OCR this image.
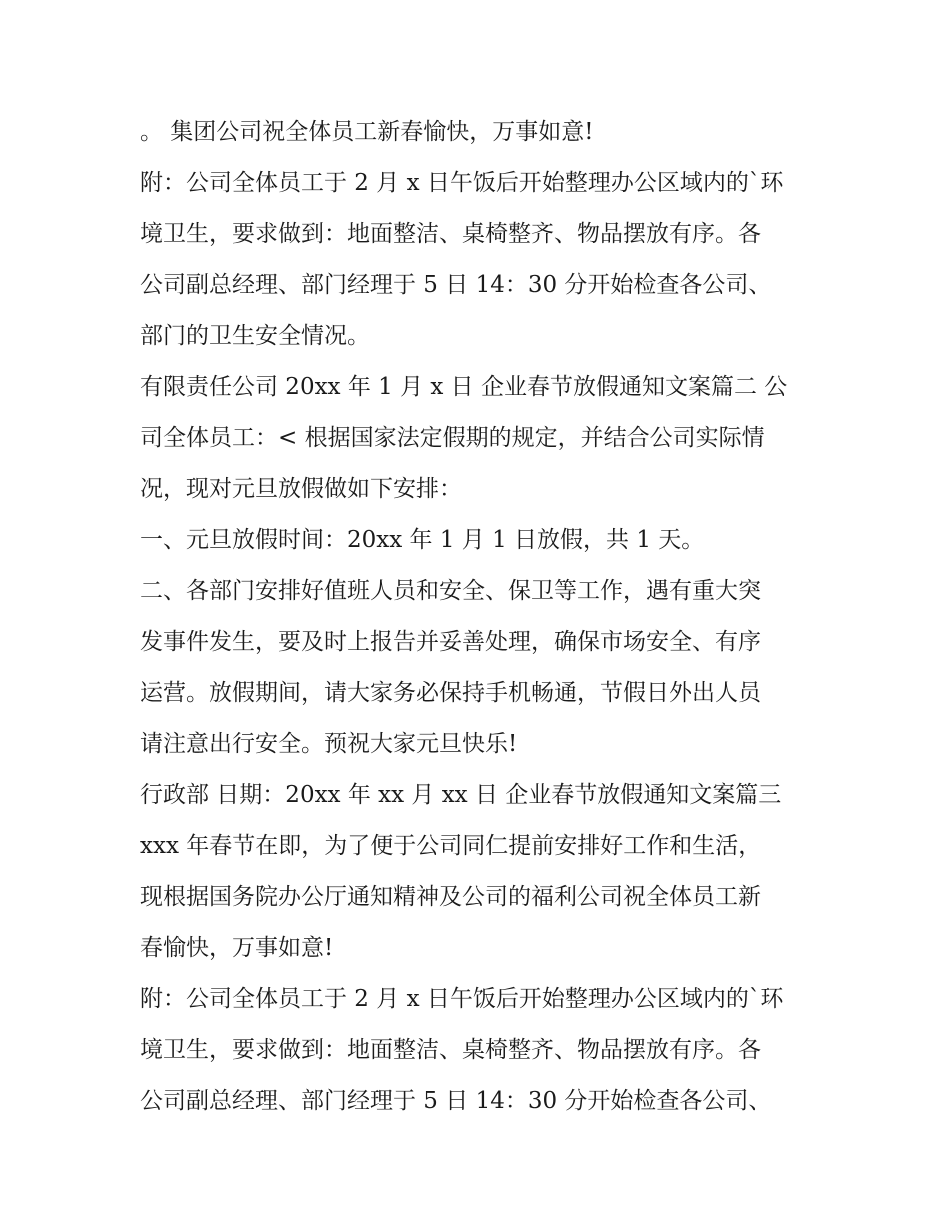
。 集团公司祝全体员工新春愉快，万事如意!
附：公司全体员工于 2 月 x 日午饭后开始整理办公区域内的`环
境卫生，要求做到：地面整洁、桌椅整齐、物品摆放有序。各
公司副总经理、部门经理于 5 日 14：30 分开始检查各公司、
部门的卫生安全情况。
有限责任公司 20xx 年 1 月 x 日 企业春节放假通知文案篇二 公
司全体员工：< 根据国家法定假期的规定，并结合公司实际情
况，现对元旦放假做如下安排：
一、元旦放假时间：20xx 年 1 月 1 日放假，共 1 天。
二、各部门安排好值班人员和安全、保卫等工作，遇有重大突
发事件发生，要及时上报告并妥善处理，确保市场安全、有序
运营。放假期间，请大家务必保持手机畅通，节假日外出人员
请注意出行安全。预祝大家元旦快乐!
行政部 日期：20xx 年 xx 月 xx 日 企业春节放假通知文案篇三
xxx 年春节在即，为了便于公司同仁提前安排好工作和生活，
现根据国务院办公厅通知精神及公司的福利公司祝全体员工新
春愉快，万事如意!
附：公司全体员工于 2 月 x 日午饭后开始整理办公区域内的`环
境卫生，要求做到：地面整洁、桌椅整齐、物品摆放有序。各
公司副总经理、部门经理于 5 日 14：30 分开始检查各公司、
